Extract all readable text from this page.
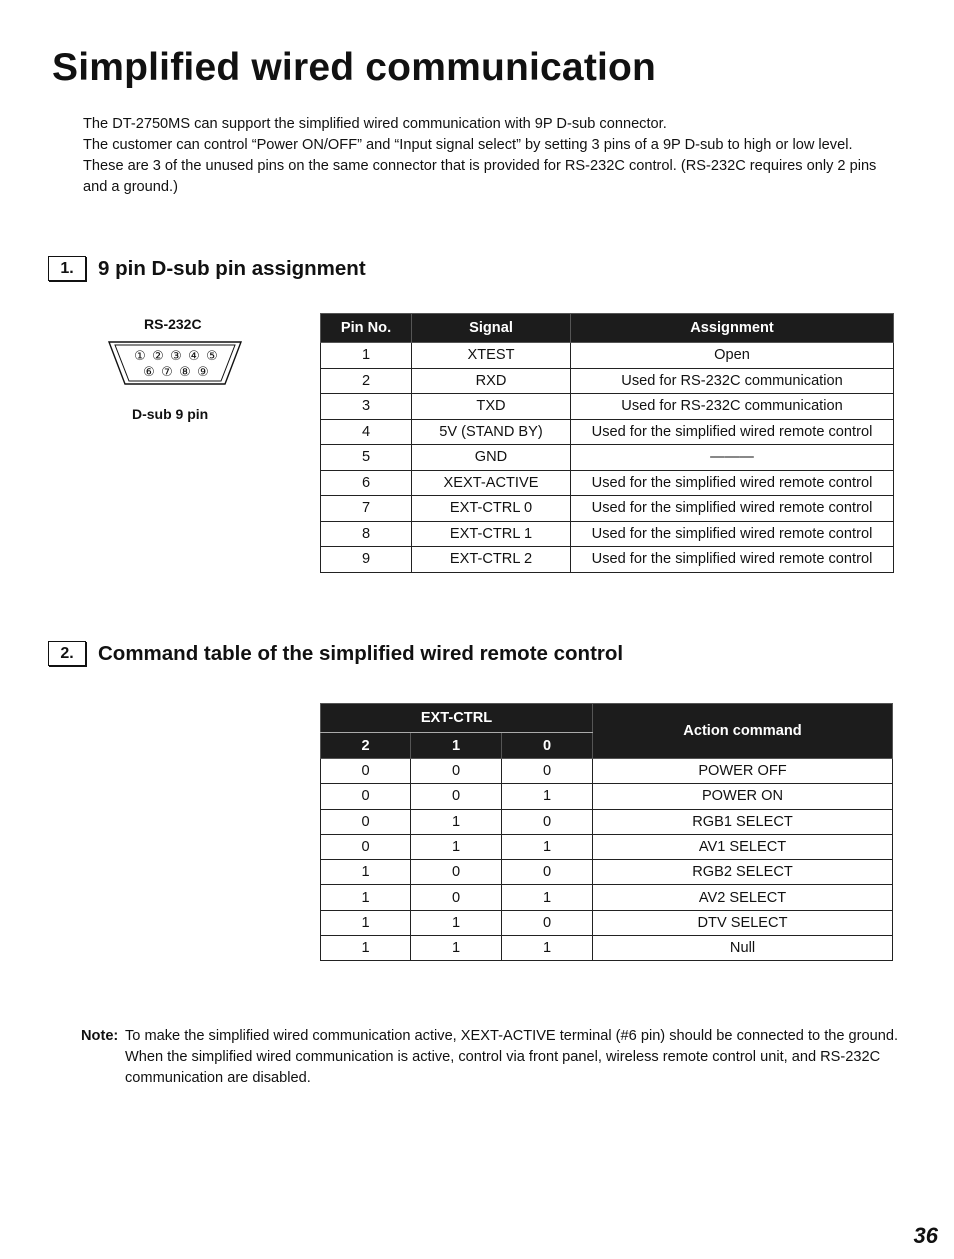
Simplified wired communication

The DT-2750MS can support the simplified wired communication with 9P D-sub connector.

The customer can control “Power ON/OFF” and “Input signal select” by setting 3 pins of a 9P D-sub to high or low level.

These are 3 of the unused pins on the same connector that is provided for RS-232C control. (RS-232C requires only 2 pins and a ground.)

1.	9 pin D-sub pin assignment
RS-232C
① ② ③ ④ ⑤
⑥ ⑦ ⑧ ⑨
D-sub 9 pin
Pin No.	Signal	Assignment
1	XTEST	Open
2	RXD	Used for RS-232C communication
3	TXD	Used for RS-232C communication
4	5V (STAND BY)	Used for the simplified wired remote control
5	GND	———
6	XEXT-ACTIVE	Used for the simplified wired remote control
7	EXT-CTRL 0	Used for the simplified wired remote control
8	EXT-CTRL 1	Used for the simplified wired remote control
9	EXT-CTRL 2	Used for the simplified wired remote control
2.	Command table of the simplified wired remote control
EXT-CTRL			Action command
2	1	0	
0	0	0	POWER OFF
0	0	1	POWER ON
0	1	0	RGB1 SELECT
0	1	1	AV1 SELECT
1	0	0	RGB2 SELECT
1	0	1	AV2 SELECT
1	1	0	DTV SELECT
1	1	1	Null
Note: To make the simplified wired communication active, XEXT-ACTIVE terminal (#6 pin) should be connected to the ground.

When the simplified wired communication is active, control via front panel, wireless remote control unit, and RS-232C communication are disabled.

36
